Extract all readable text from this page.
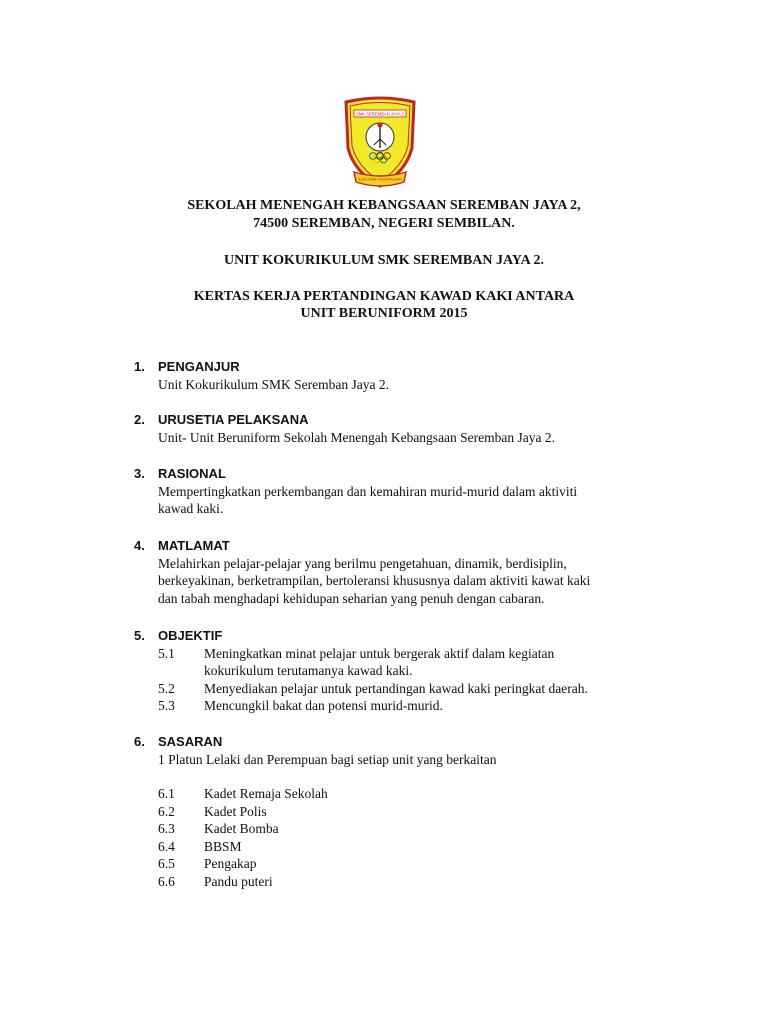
SMK SEREMBAN JAYA 2
ILMU DAN KEBERANIAN

SEKOLAH MENENGAH KEBANGSAAN SEREMBAN JAYA 2,

74500 SEREMBAN, NEGERI SEMBILAN.

UNIT KOKURIKULUM SMK SEREMBAN JAYA 2.

KERTAS KERJA PERTANDINGAN KAWAD KAKI ANTARA

UNIT BERUNIFORM 2015

1. PENGANJUR
Unit Kokurikulum SMK Seremban Jaya 2.
2. URUSETIA PELAKSANA
Unit- Unit Beruniform Sekolah Menengah Kebangsaan Seremban Jaya 2.
3. RASIONAL
Mempertingkatkan perkembangan dan kemahiran murid-murid dalam aktiviti
kawad kaki.
4. MATLAMAT
Melahirkan pelajar-pelajar yang berilmu pengetahuan, dinamik, berdisiplin,
berkeyakinan, berketrampilan, bertoleransi khususnya dalam aktiviti kawat kaki
dan tabah menghadapi kehidupan seharian yang penuh dengan cabaran.
5. OBJEKTIF
5.1	Meningkatkan minat pelajar untuk bergerak aktif dalam kegiatan
kokurikulum terutamanya kawad kaki.
5.2	Menyediakan pelajar untuk pertandingan kawad kaki peringkat daerah.
5.3	Mencungkil bakat dan potensi murid-murid.
6. SASARAN
1 Platun Lelaki dan Perempuan bagi setiap unit yang berkaitan
6.1	Kadet Remaja Sekolah
6.2	Kadet Polis
6.3	Kadet Bomba
6.4	BBSM
6.5	Pengakap
6.6	Pandu puteri
